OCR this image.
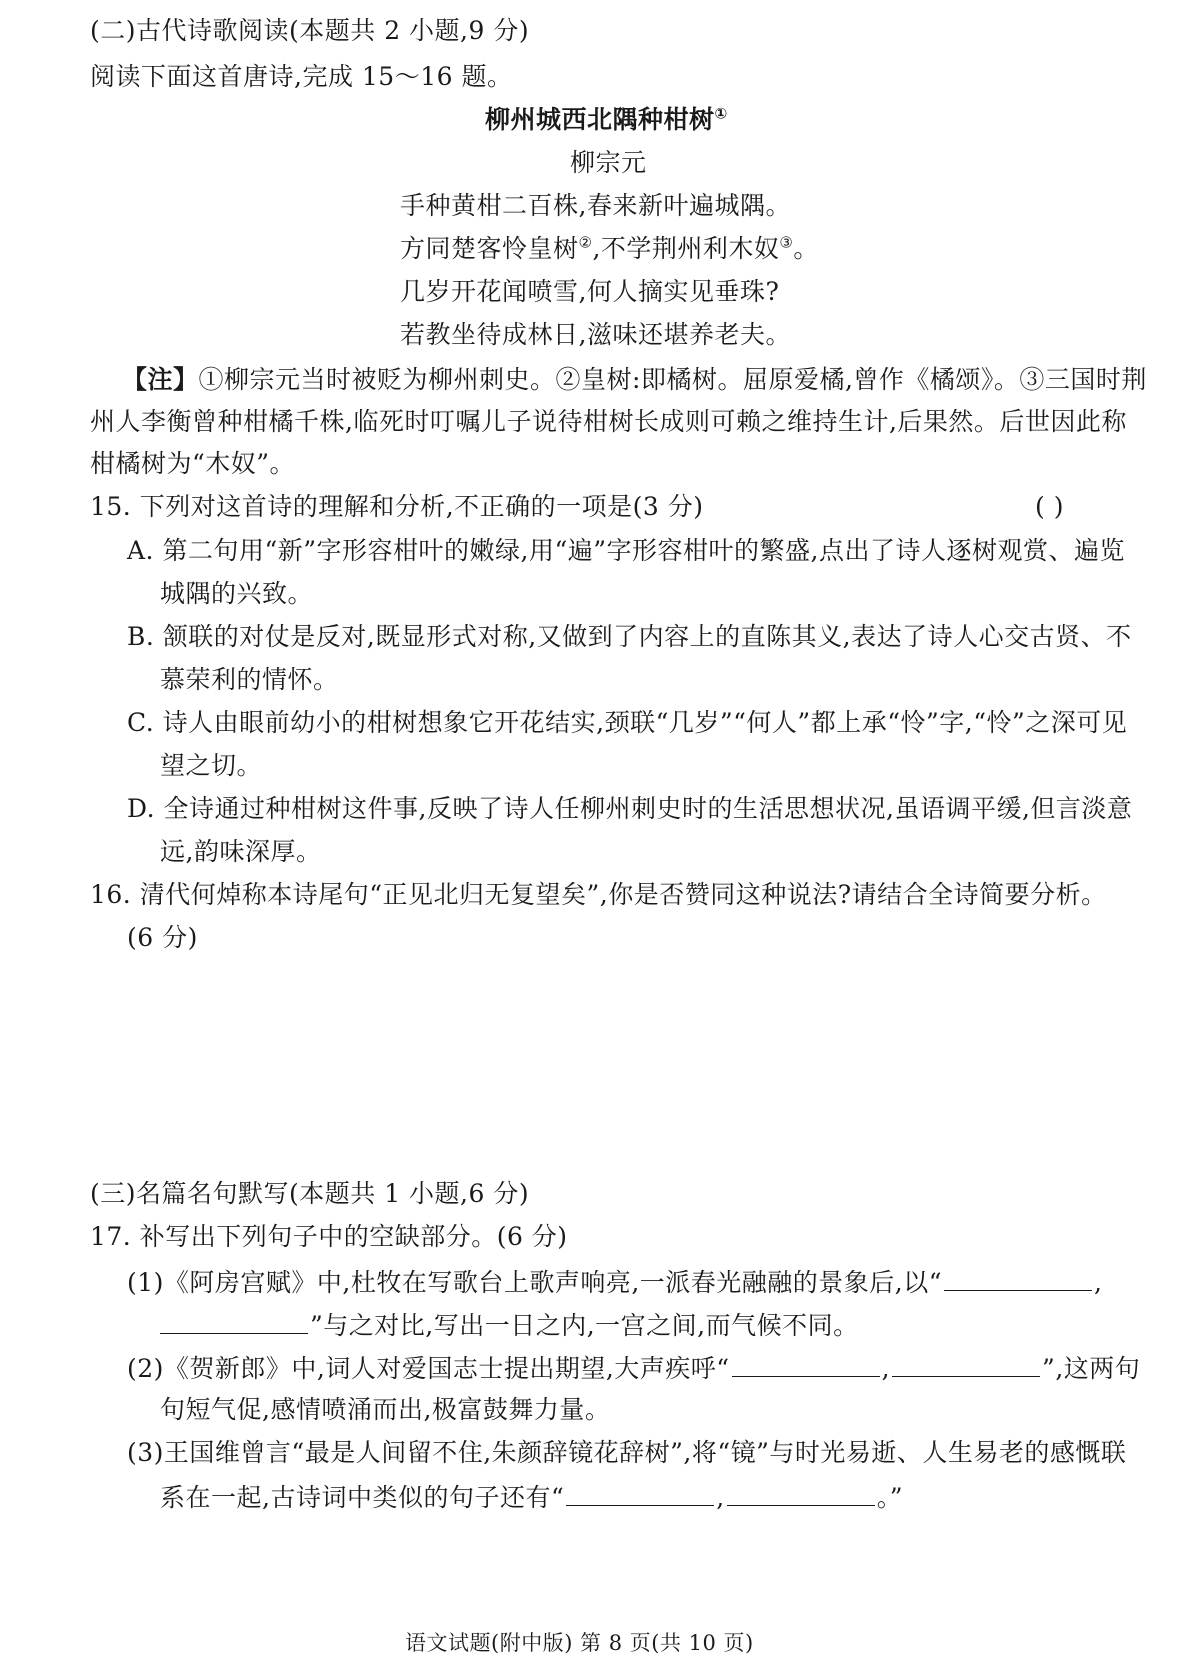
(二)古代诗歌阅读(本题共 2 小题,9 分)
阅读下面这首唐诗,完成 15～16 题。
柳州城西北隅种柑树①
柳宗元
手种黄柑二百株,春来新叶遍城隅。
方同楚客怜皇树②,不学荆州利木奴③。
几岁开花闻喷雪,何人摘实见垂珠?
若教坐待成林日,滋味还堪养老夫。
【注】①柳宗元当时被贬为柳州刺史。②皇树:即橘树。屈原爱橘,曾作《橘颂》。③三国时荆
州人李衡曾种柑橘千株,临死时叮嘱儿子说待柑树长成则可赖之维持生计,后果然。后世因此称
柑橘树为“木奴”。
15. 下列对这首诗的理解和分析,不正确的一项是(3 分)	( )
A. 第二句用“新”字形容柑叶的嫩绿,用“遍”字形容柑叶的繁盛,点出了诗人逐树观赏、遍览
城隅的兴致。
B. 颔联的对仗是反对,既显形式对称,又做到了内容上的直陈其义,表达了诗人心交古贤、不
慕荣利的情怀。
C. 诗人由眼前幼小的柑树想象它开花结实,颈联“几岁”“何人”都上承“怜”字,“怜”之深可见
望之切。
D. 全诗通过种柑树这件事,反映了诗人任柳州刺史时的生活思想状况,虽语调平缓,但言淡意
远,韵味深厚。
16. 清代何焯称本诗尾句“正见北归无复望矣”,你是否赞同这种说法?请结合全诗简要分析。
(6 分)
(三)名篇名句默写(本题共 1 小题,6 分)
17. 补写出下列句子中的空缺部分。(6 分)
(1)《阿房宫赋》中,杜牧在写歌台上歌声响亮,一派春光融融的景象后,以“	,
”与之对比,写出一日之内,一宫之间,而气候不同。
(2)《贺新郎》中,词人对爱国志士提出期望,大声疾呼“	,	”,这两句
句短气促,感情喷涌而出,极富鼓舞力量。
(3)王国维曾言“最是人间留不住,朱颜辞镜花辞树”,将“镜”与时光易逝、人生易老的感慨联
系在一起,古诗词中类似的句子还有“	,	。”
语文试题(附中版) 第 8 页(共 10 页)
